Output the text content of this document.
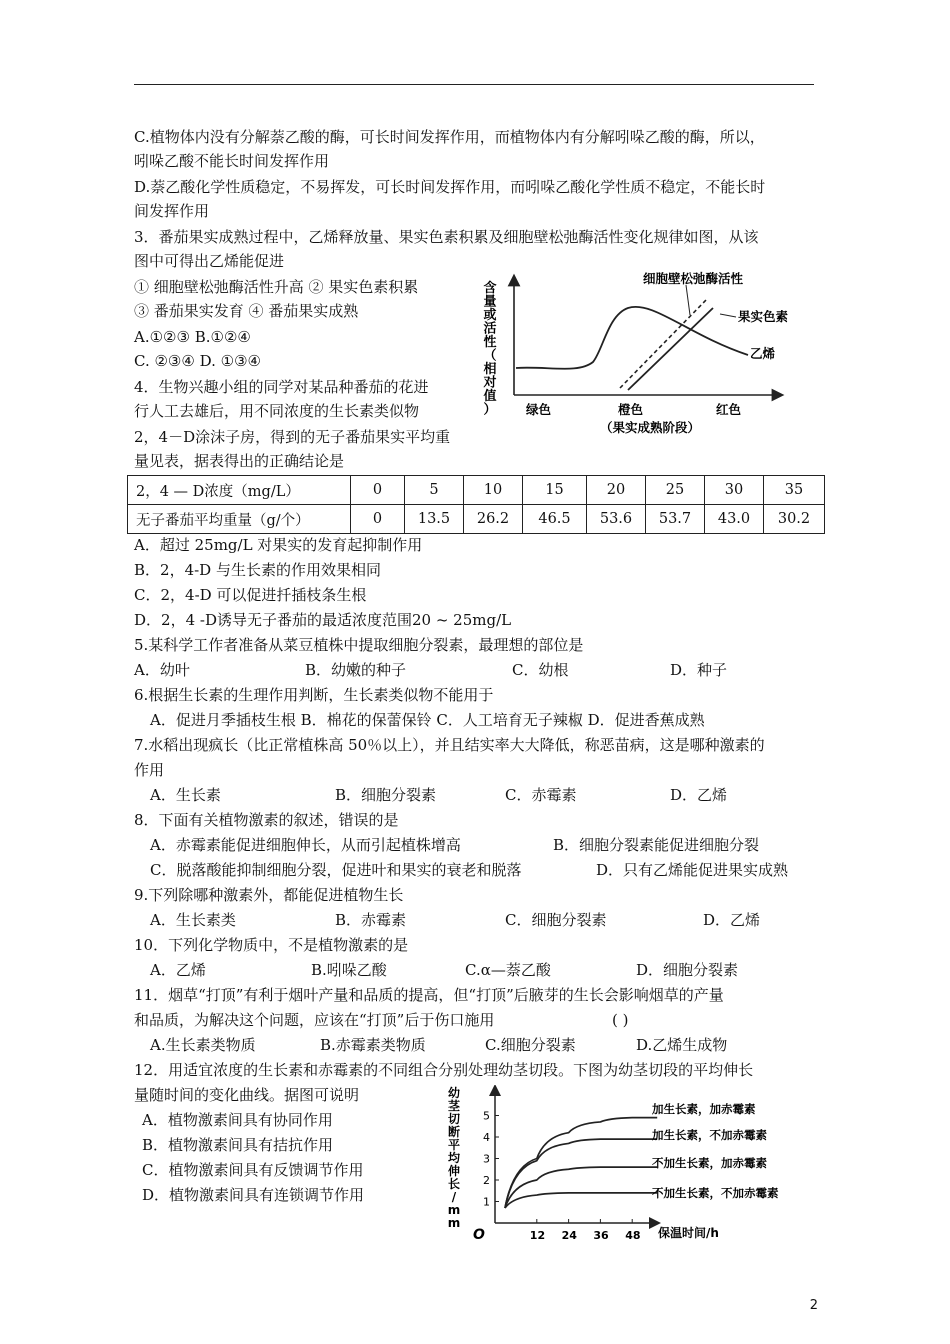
C.植物体内没有分解萘乙酸的酶，可长时间发挥作用，而植物体内有分解吲哚乙酸的酶，所以，
吲哚乙酸不能长时间发挥作用
D.萘乙酸化学性质稳定，不易挥发，可长时间发挥作用，而吲哚乙酸化学性质不稳定，不能长时
间发挥作用
3．番茄果实成熟过程中，乙烯释放量、果实色素积累及细胞壁松弛酶活性变化规律如图，从该
图中可得出乙烯能促进
① 细胞壁松弛酶活性升高 ② 果实色素积累
③ 番茄果实发育 ④ 番茄果实成熟
A.①②③ B.①②④
C. ②③④ D. ①③④
4．生物兴趣小组的同学对某品种番茄的花进
行人工去雄后，用不同浓度的生长素类似物
2，4－D涂沫子房，得到的无子番茄果实平均重
量见表，据表得出的正确结论是
含
量
或
活
性
（
相
对
值
）
细胞壁松弛酶活性
果实色素
乙烯
绿色	橙色	红色
（果实成熟阶段）
2，4 — D浓度（mg/L）	0	5	10	15	20	25	30	35
无子番茄平均重量（g/个）	0	13.5	26.2	46.5	53.6	53.7	43.0	30.2
A．超过 25mg/L 对果实的发育起抑制作用
B．2，4-D 与生长素的作用效果相同
C．2，4-D 可以促进扦插枝条生根
D．2，4 -D诱导无子番茄的最适浓度范围20 ~ 25mg/L
5.某科学工作者准备从菜豆植株中提取细胞分裂素，最理想的部位是
A．幼叶	B．幼嫩的种子	C．幼根	D．种子
6.根据生长素的生理作用判断，生长素类似物不能用于
A．促进月季插枝生根 B．棉花的保蕾保铃 C．人工培育无子辣椒 D．促进香蕉成熟
7.水稻出现疯长（比正常植株高 50％以上），并且结实率大大降低，称恶苗病，这是哪种激素的
作用
A．生长素	B．细胞分裂素	C．赤霉素	D．乙烯
8．下面有关植物激素的叙述，错误的是
A．赤霉素能促进细胞伸长，从而引起植株增高	B．细胞分裂素能促进细胞分裂
C．脱落酸能抑制细胞分裂，促进叶和果实的衰老和脱落	D．只有乙烯能促进果实成熟
9.下列除哪种激素外，都能促进植物生长
A．生长素类	B．赤霉素	C．细胞分裂素	D．乙烯
10．下列化学物质中，不是植物激素的是
A．乙烯	B.吲哚乙酸	C.α—萘乙酸	D．细胞分裂素
11．烟草“打顶”有利于烟叶产量和品质的提高，但“打顶”后腋芽的生长会影响烟草的产量
和品质，为解决这个问题，应该在“打顶”后于伤口施用	( )
A.生长素类物质	B.赤霉素类物质	C.细胞分裂素	D.乙烯生成物
12．用适宜浓度的生长素和赤霉素的不同组合分别处理幼茎切段。下图为幼茎切段的平均伸长
量随时间的变化曲线。据图可说明
A．植物激素间具有协同作用
B．植物激素间具有拮抗作用
C．植物激素间具有反馈调节作用
D．植物激素间具有连锁调节作用
幼
茎
切
断
平
均
伸
长
/
m
m
1
2
3
4
5
O	12 24 36 48
加生长素，加赤霉素
加生长素，不加赤霉素
不加生长素，加赤霉素
不加生长素，不加赤霉素
保温时间/h
2
